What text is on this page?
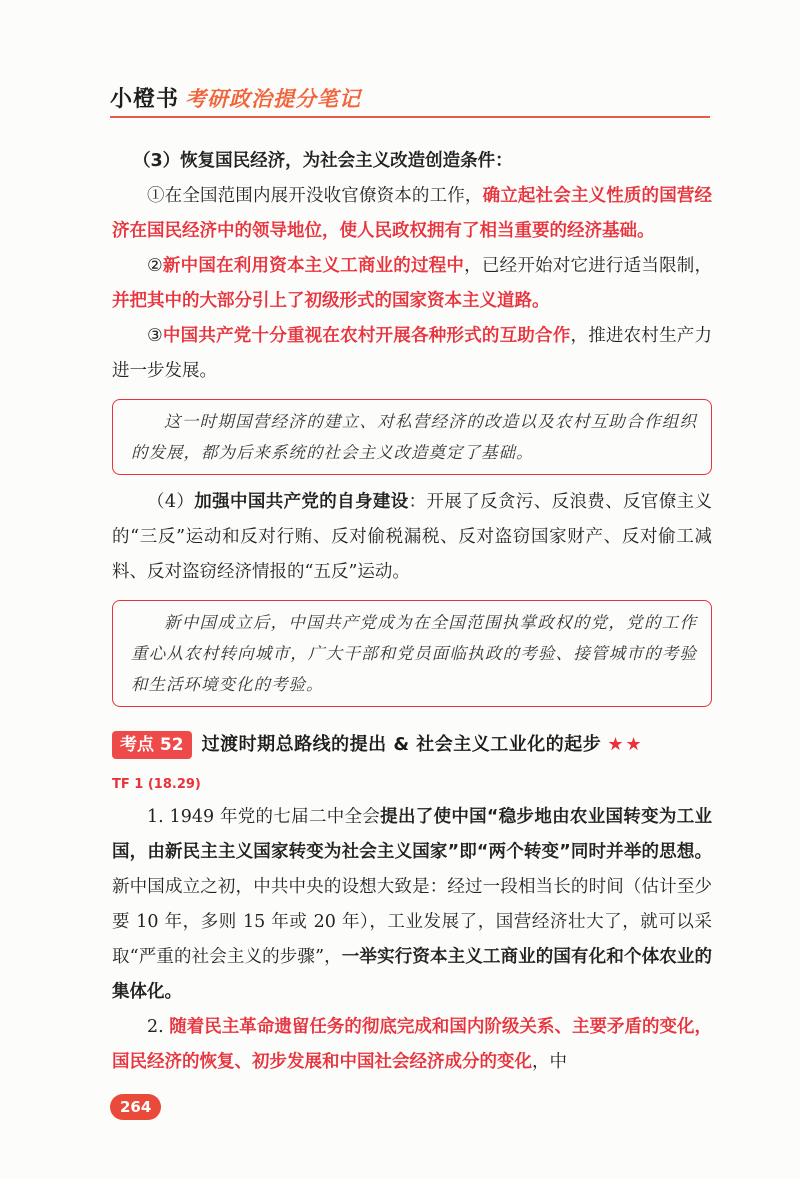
小橙书 考研政治提分笔记

（3）恢复国民经济，为社会主义改造创造条件：

①在全国范围内展开没收官僚资本的工作，确立起社会主义性质的国营经济在国民经济中的领导地位，使人民政权拥有了相当重要的经济基础。

②新中国在利用资本主义工商业的过程中，已经开始对它进行适当限制，并把其中的大部分引上了初级形式的国家资本主义道路。

③中国共产党十分重视在农村开展各种形式的互助合作，推进农村生产力进一步发展。

这一时期国营经济的建立、对私营经济的改造以及农村互助合作组织的发展，都为后来系统的社会主义改造奠定了基础。

（4）加强中国共产党的自身建设：开展了反贪污、反浪费、反官僚主义的“三反”运动和反对行贿、反对偷税漏税、反对盗窃国家财产、反对偷工减料、反对盗窃经济情报的“五反”运动。

新中国成立后，中国共产党成为在全国范围执掌政权的党，党的工作重心从农村转向城市，广大干部和党员面临执政的考验、接管城市的考验和生活环境变化的考验。

考点 52	过渡时期总路线的提出 & 社会主义工业化的起步 ★★
TF 1 (18.29)

1. 1949 年党的七届二中全会提出了使中国“稳步地由农业国转变为工业国，由新民主主义国家转变为社会主义国家”即“两个转变”同时并举的思想。新中国成立之初，中共中央的设想大致是：经过一段相当长的时间（估计至少要 10 年，多则 15 年或 20 年），工业发展了，国营经济壮大了，就可以采取“严重的社会主义的步骤”，一举实行资本主义工商业的国有化和个体农业的集体化。

2. 随着民主革命遗留任务的彻底完成和国内阶级关系、主要矛盾的变化，国民经济的恢复、初步发展和中国社会经济成分的变化，中

264
